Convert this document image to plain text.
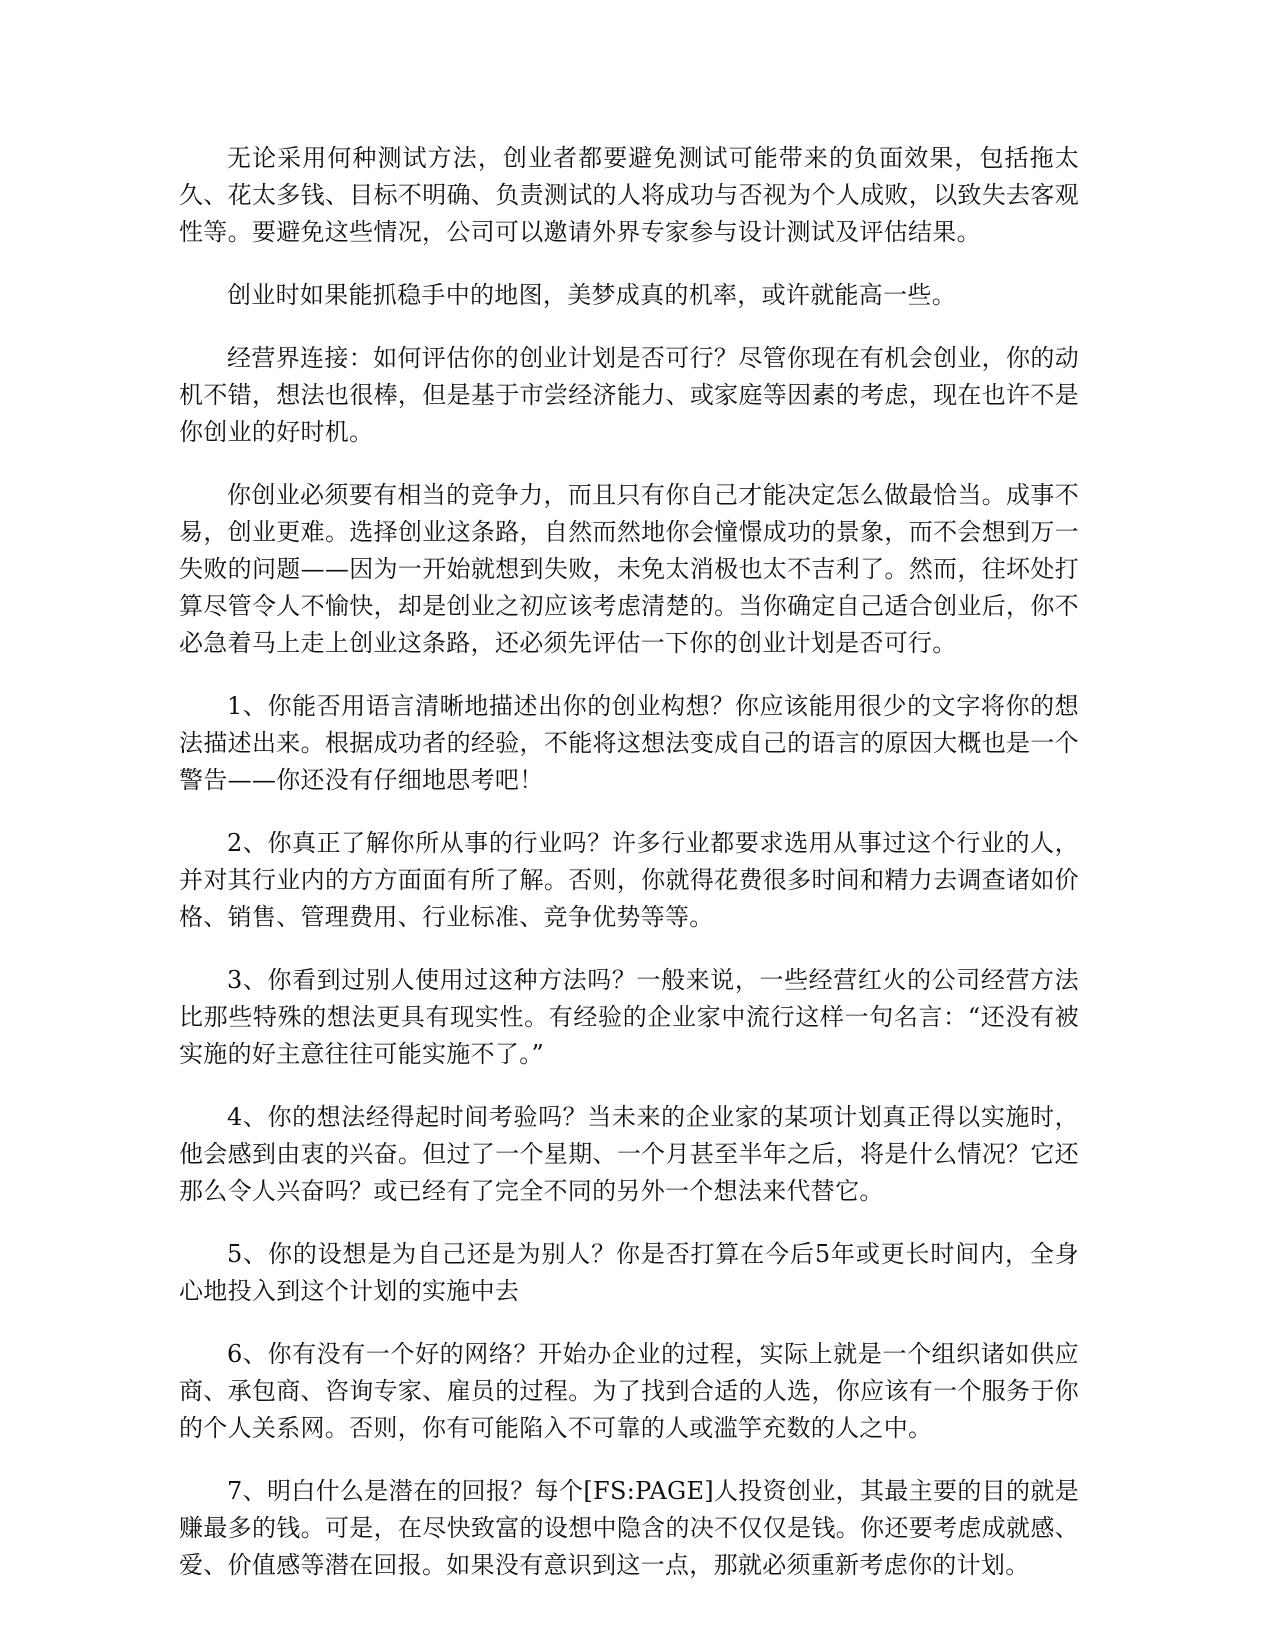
无论采用何种测试方法，创业者都要避免测试可能带来的负面效果，包括拖太久、花太多钱、目标不明确、负责测试的人将成功与否视为个人成败，以致失去客观性等。要避免这些情况，公司可以邀请外界专家参与设计测试及评估结果。

创业时如果能抓稳手中的地图，美梦成真的机率，或许就能高一些。

经营界连接：如何评估你的创业计划是否可行？尽管你现在有机会创业，你的动机不错，想法也很棒，但是基于市尝经济能力、或家庭等因素的考虑，现在也许不是你创业的好时机。

你创业必须要有相当的竞争力，而且只有你自己才能决定怎么做最恰当。成事不易，创业更难。选择创业这条路，自然而然地你会憧憬成功的景象，而不会想到万一失败的问题——因为一开始就想到失败，未免太消极也太不吉利了。然而，往坏处打算尽管令人不愉快，却是创业之初应该考虑清楚的。当你确定自己适合创业后，你不必急着马上走上创业这条路，还必须先评估一下你的创业计划是否可行。

1、你能否用语言清晰地描述出你的创业构想？你应该能用很少的文字将你的想法描述出来。根据成功者的经验，不能将这想法变成自己的语言的原因大概也是一个警告——你还没有仔细地思考吧！

2、你真正了解你所从事的行业吗？许多行业都要求选用从事过这个行业的人，并对其行业内的方方面面有所了解。否则，你就得花费很多时间和精力去调查诸如价格、销售、管理费用、行业标准、竞争优势等等。

3、你看到过别人使用过这种方法吗？一般来说，一些经营红火的公司经营方法比那些特殊的想法更具有现实性。有经验的企业家中流行这样一句名言：“还没有被实施的好主意往往可能实施不了。”

4、你的想法经得起时间考验吗？当未来的企业家的某项计划真正得以实施时，他会感到由衷的兴奋。但过了一个星期、一个月甚至半年之后，将是什么情况？它还那么令人兴奋吗？或已经有了完全不同的另外一个想法来代替它。

5、你的设想是为自己还是为别人？你是否打算在今后5年或更长时间内，全身心地投入到这个计划的实施中去

6、你有没有一个好的网络？开始办企业的过程，实际上就是一个组织诸如供应商、承包商、咨询专家、雇员的过程。为了找到合适的人选，你应该有一个服务于你的个人关系网。否则，你有可能陷入不可靠的人或滥竽充数的人之中。

7、明白什么是潜在的回报？每个[FS:PAGE]人投资创业，其最主要的目的就是赚最多的钱。可是，在尽快致富的设想中隐含的决不仅仅是钱。你还要考虑成就感、爱、价值感等潜在回报。如果没有意识到这一点，那就必须重新考虑你的计划。
